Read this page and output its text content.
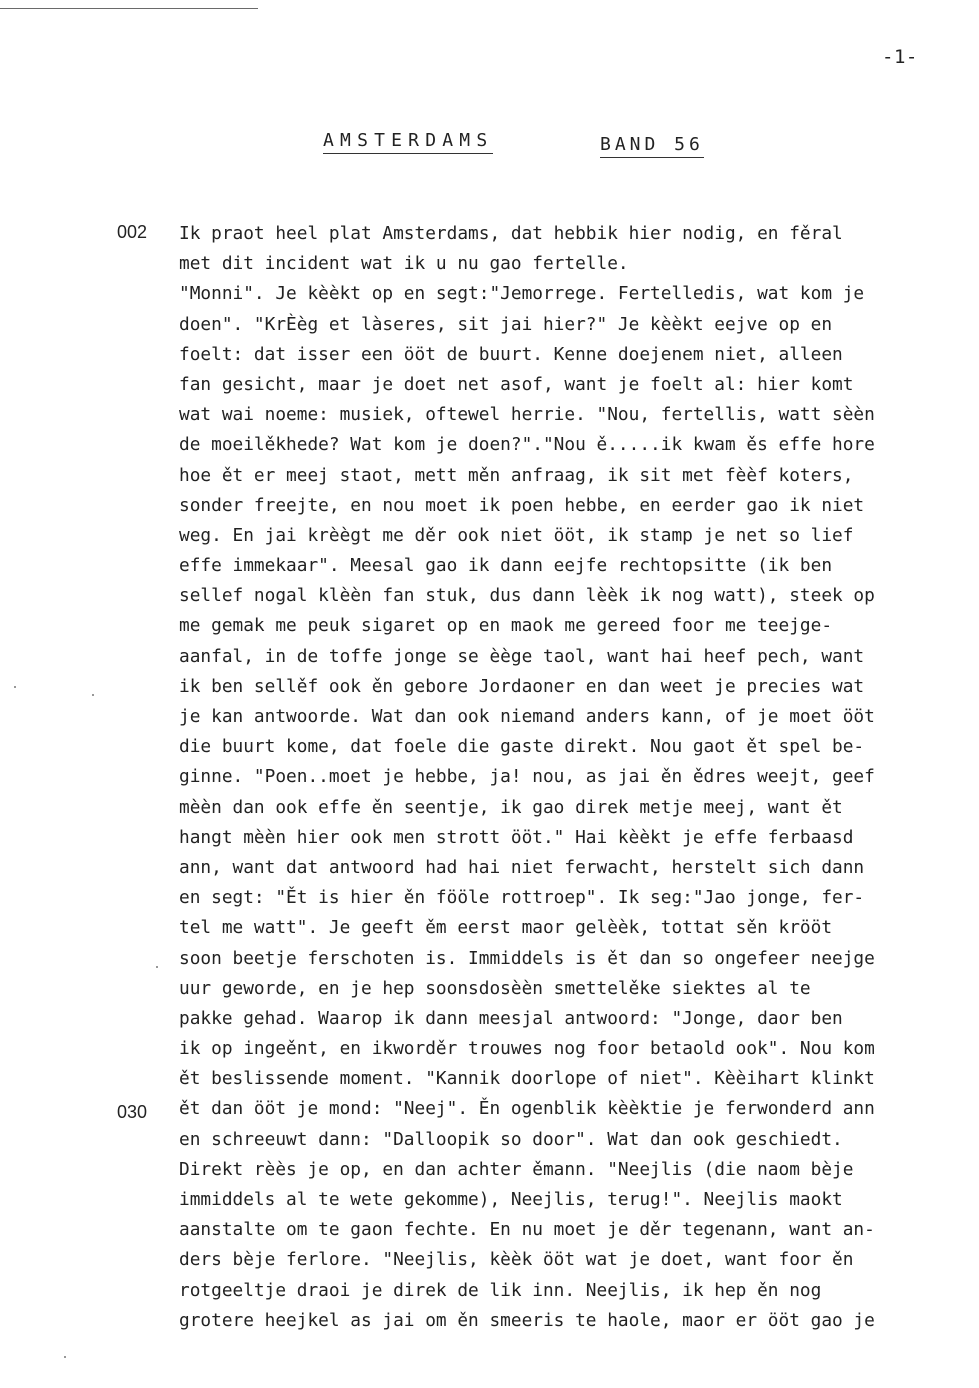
-1-
AMSTERDAMS	BAND 56
002
030
Ik praot heel plat Amsterdams, dat hebbik hier nodig, en fěral
met dit incident wat ik u nu gao fertelle.
"Monni". Je kèèkt op en segt:"Jemorrege. Fertelledis, wat kom je
doen". "KrÈèg et làseres, sit jai hier?" Je kèèkt eejve op en
foelt: dat isser een ööt de buurt. Kenne doejenem niet, alleen
fan gesicht, maar je doet net asof, want je foelt al: hier komt
wat wai noeme: musiek, oftewel herrie. "Nou, fertellis, watt sèèn
de moeilěkhede? Wat kom je doen?"."Nou ě.....ik kwam ěs effe hore
hoe ět er meej staot, mett měn anfraag, ik sit met fèèf koters,
sonder freejte, en nou moet ik poen hebbe, en eerder gao ik niet
weg. En jai krèègt me děr ook niet ööt, ik stamp je net so lief
effe immekaar". Meesal gao ik dann eejfe rechtopsitte (ik ben
sellef nogal klèèn fan stuk, dus dann lèèk ik nog watt), steek op
me gemak me peuk sigaret op en maok me gereed foor me teejge-
aanfal, in de toffe jonge se èège taol, want hai heef pech, want
ik ben sellěf ook ěn gebore Jordaoner en dan weet je precies wat
je kan antwoorde. Wat dan ook niemand anders kann, of je moet ööt
die buurt kome, dat foele die gaste direkt. Nou gaot ět spel be-
ginne. "Poen..moet je hebbe, ja! nou, as jai ěn ědres weejt, geef
mèèn dan ook effe ěn seentje, ik gao direk metje meej, want ět
hangt mèèn hier ook men strott ööt." Hai kèèkt je effe ferbaasd
ann, want dat antwoord had hai niet ferwacht, herstelt sich dann
en segt: "Ět is hier ěn fööle rottroep". Ik seg:"Jao jonge, fer-
tel me watt". Je geeft ěm eerst maor gelèèk, tottat sěn krööt
soon beetje ferschoten is. Immiddels is ět dan so ongefeer neejge
uur geworde, en je hep soonsdosèèn smettelěke siektes al te
pakke gehad. Waarop ik dann meesjal antwoord: "Jonge, daor ben
ik op ingeěnt, en ikworděr trouwes nog foor betaold ook". Nou kom
ět beslissende moment. "Kannik doorlope of niet". Kèèihart klinkt
ět dan ööt je mond: "Neej". Ěn ogenblik kèèktie je ferwonderd ann
en schreeuwt dann: "Dalloopik so door". Wat dan ook geschiedt.
Direkt rèès je op, en dan achter ěmann. "Neejlis (die naom bèje
immiddels al te wete gekomme), Neejlis, terug!". Neejlis maokt
aanstalte om te gaon fechte. En nu moet je děr tegenann, want an-
ders bèje ferlore. "Neejlis, kèèk ööt wat je doet, want foor ěn
rotgeeltje draoi je direk de lik inn. Neejlis, ik hep ěn nog
grotere heejkel as jai om ěn smeeris te haole, maor er ööt gao je
